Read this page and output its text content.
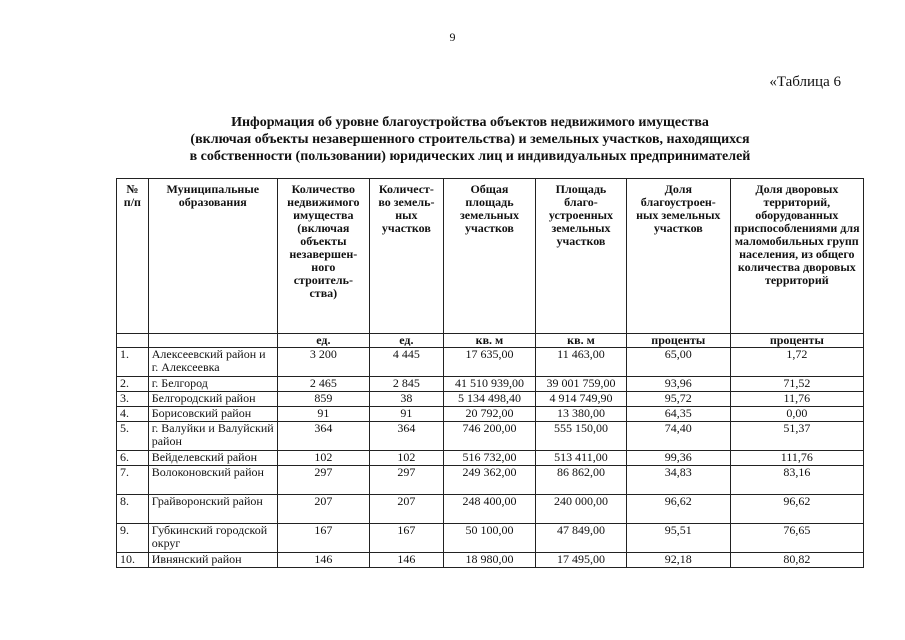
9
«Таблица 6
Информация об уровне благоустройства объектов недвижимого имущества
(включая объекты незавершенного строительства) и земельных участков, находящихся
в собственности (пользовании) юридических лиц и индивидуальных предпринимателей
№ п/п	Муниципальные образования	Количество недвижимого имущества (включая объекты незавершен-ного строитель-ства)	Количест-во земель-ных участков	Общая площадь земельных участков	Площадь благо-устроенных земельных участков	Доля благоустроен-ных земельных участков	Доля дворовых территорий, оборудованных приспособлениями для маломобильных групп населения, из общего количества дворовых территорий
		ед.	ед.	кв. м	кв. м	проценты	проценты
1.	Алексеевский район и г. Алексеевка	3 200	4 445	17 635,00	11 463,00	65,00	1,72
2.	г. Белгород	2 465	2 845	41 510 939,00	39 001 759,00	93,96	71,52
3.	Белгородский район	859	38	5 134 498,40	4 914 749,90	95,72	11,76
4.	Борисовский район	91	91	20 792,00	13 380,00	64,35	0,00
5.	г. Валуйки и Валуйский район	364	364	746 200,00	555 150,00	74,40	51,37
6.	Вейделевский район	102	102	516 732,00	513 411,00	99,36	111,76
7.	Волоконовский район	297	297	249 362,00	86 862,00	34,83	83,16
8.	Грайворонский район	207	207	248 400,00	240 000,00	96,62	96,62
9.	Губкинский городской округ	167	167	50 100,00	47 849,00	95,51	76,65
10.	Ивнянский район	146	146	18 980,00	17 495,00	92,18	80,82
